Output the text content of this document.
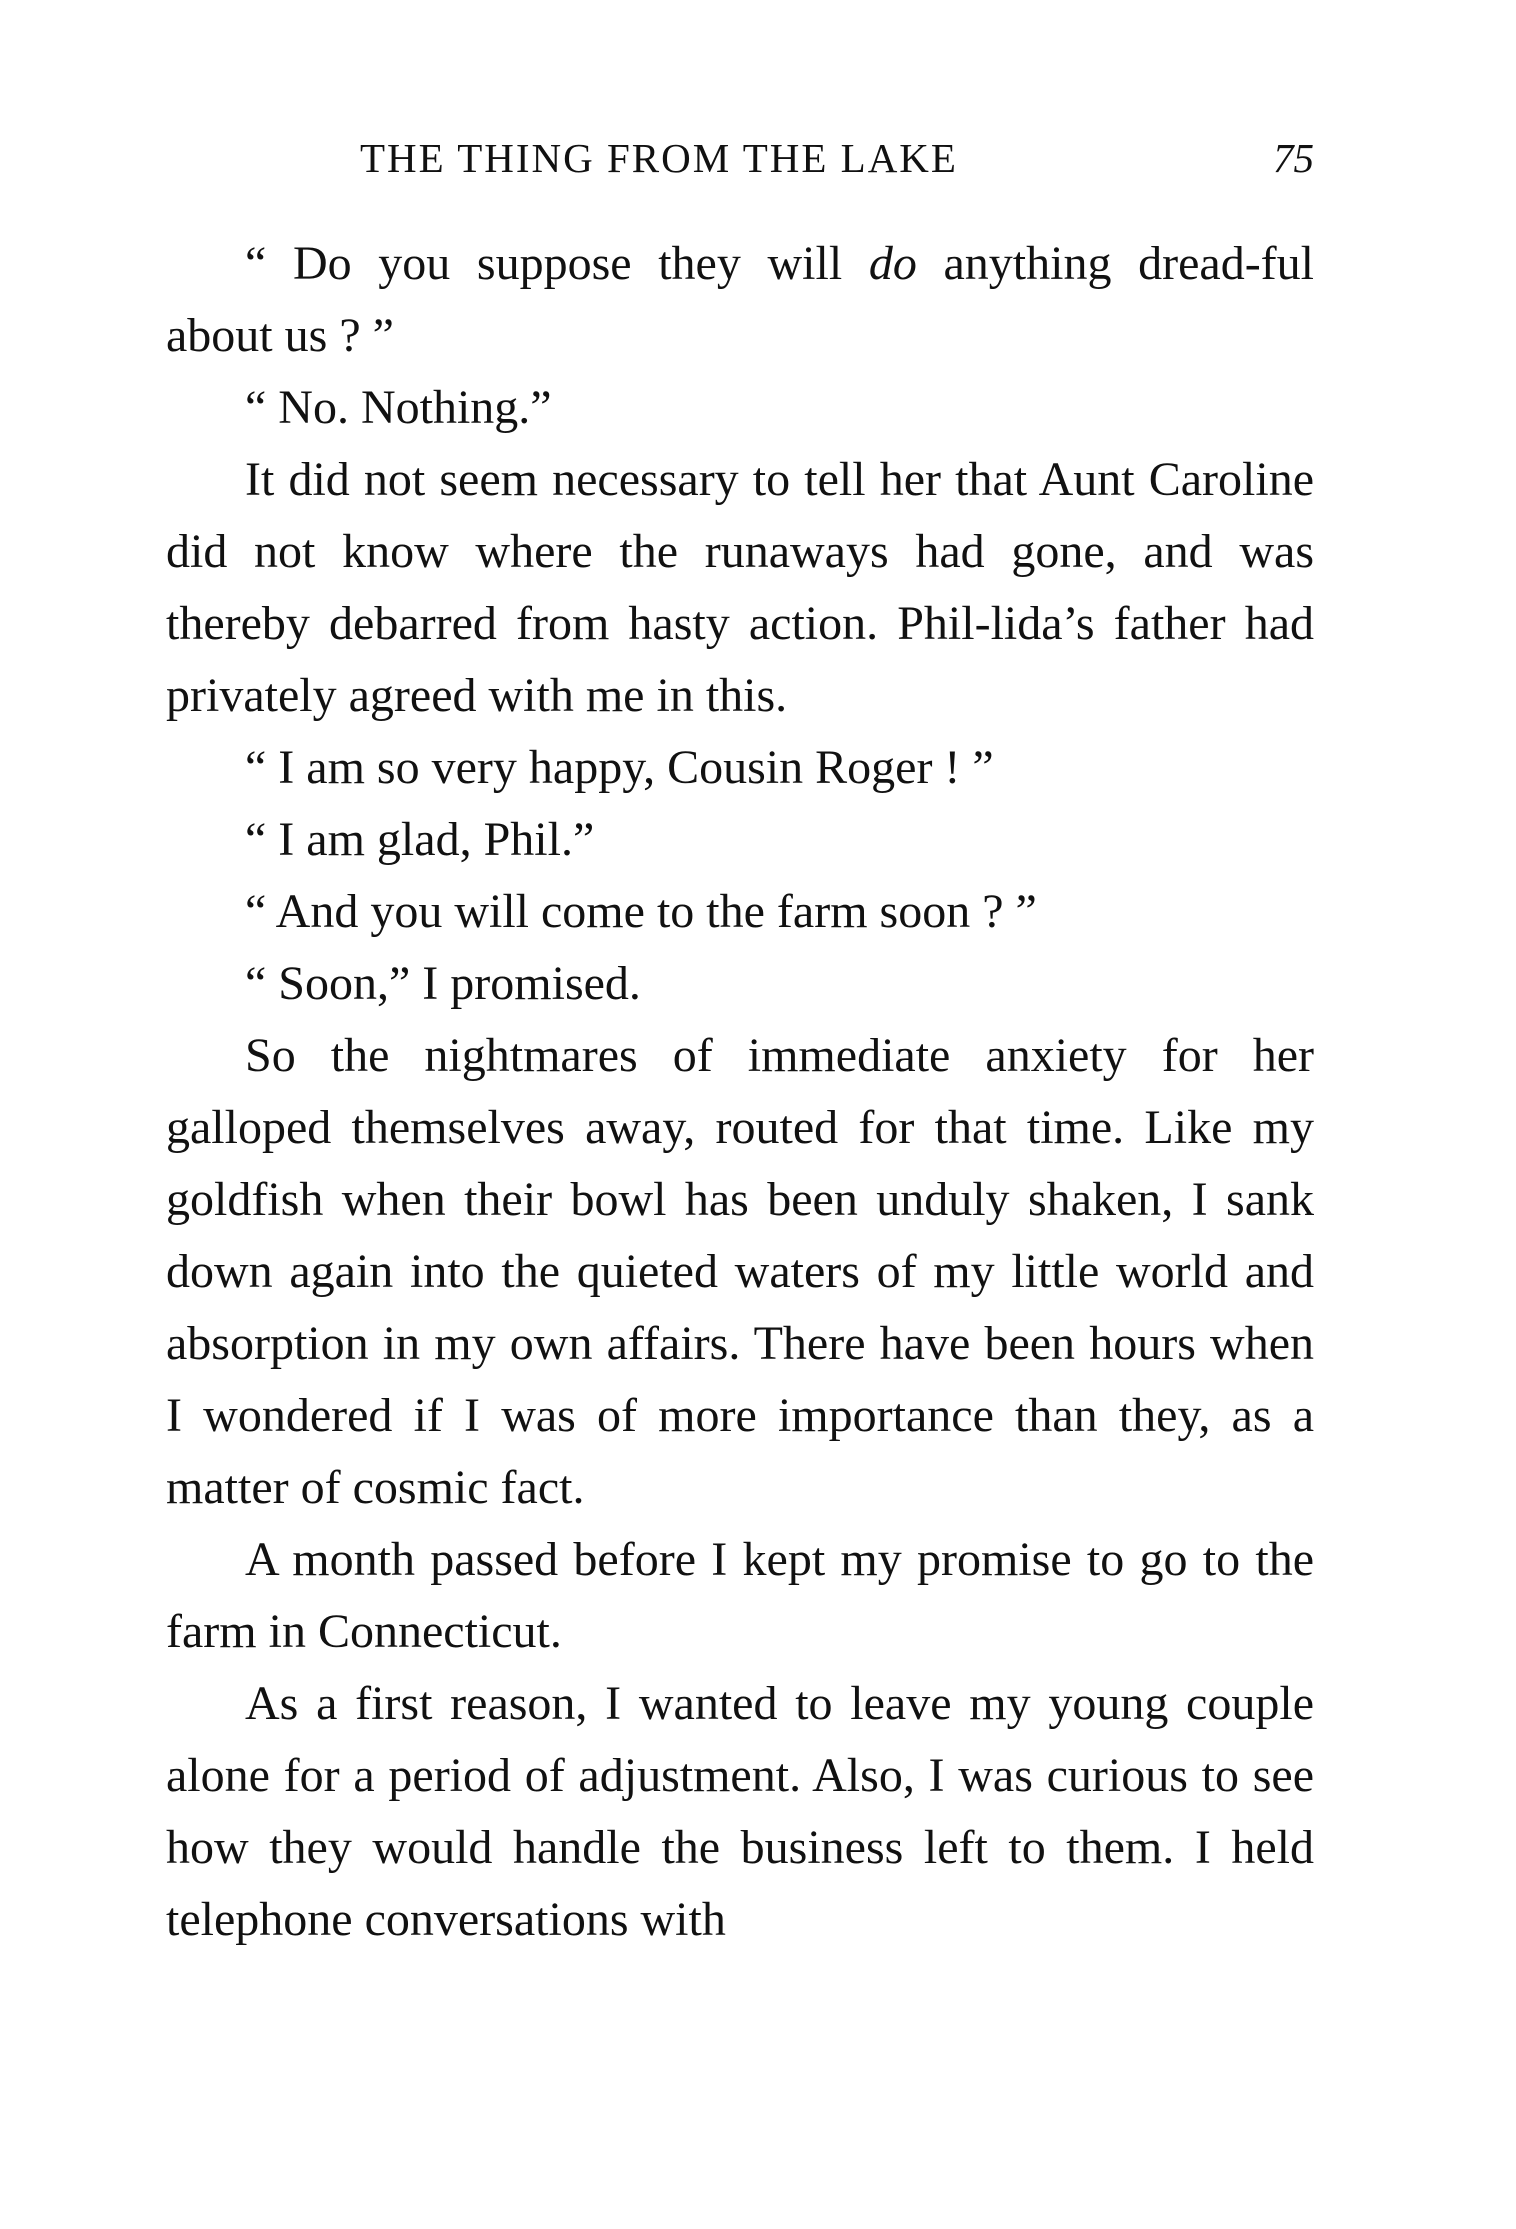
THE THING FROM THE LAKE	75

“ Do you suppose they will do anything dread-ful about us ? ”

“ No. Nothing.”

It did not seem necessary to tell her that Aunt Caroline did not know where the runaways had gone, and was thereby debarred from hasty action. Phil-lida’s father had privately agreed with me in this.

“ I am so very happy, Cousin Roger ! ”

“ I am glad, Phil.”

“ And you will come to the farm soon ? ”

“ Soon,” I promised.

So the nightmares of immediate anxiety for her galloped themselves away, routed for that time. Like my goldfish when their bowl has been unduly shaken, I sank down again into the quieted waters of my little world and absorption in my own affairs. There have been hours when I wondered if I was of more importance than they, as a matter of cosmic fact.

A month passed before I kept my promise to go to the farm in Connecticut.

As a first reason, I wanted to leave my young couple alone for a period of adjustment. Also, I was curious to see how they would handle the business left to them. I held telephone conversations with
